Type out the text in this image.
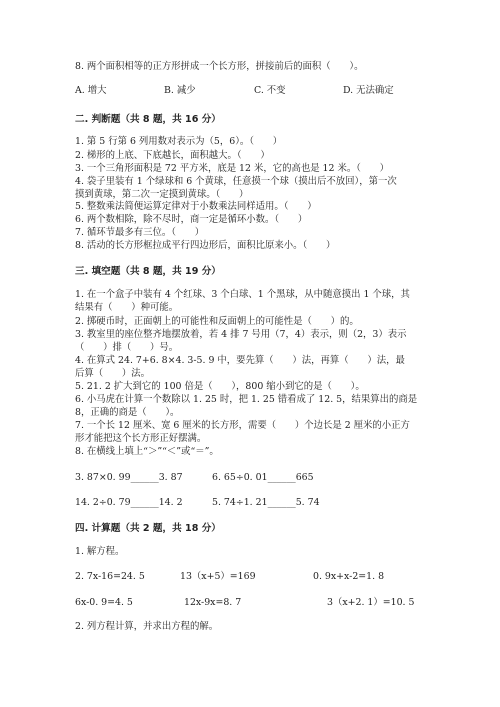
8. 两个面积相等的正方形拼成一个长方形，拼接前后的面积（　　）。
A. 增大	B. 减少	C. 不变	D. 无法确定
二. 判断题（共 8 题，共 16 分）
1. 第 5 行第 6 列用数对表示为（5，6）。（　　）
2. 梯形的上底、下底越长，面积越大。（　　）
3. 一个三角形面积是 72 平方米，底是 12 米，它的高也是 12 米。（　　）
4. 袋子里装有 1 个绿球和 6 个黄球，任意摸一个球（摸出后不放回），第一次
摸到黄球，第二次一定摸到黄球。（　　）
5. 整数乘法简便运算定律对于小数乘法同样适用。（　　）
6. 两个数相除，除不尽时，商一定是循环小数。（　　）
7. 循环节最多有三位。（　　）
8. 活动的长方形框拉成平行四边形后，面积比原来小。（　　）
三. 填空题（共 8 题，共 19 分）
1. 在一个盒子中装有 4 个红球、3 个白球、1 个黑球，从中随意摸出 1 个球，其
结果有（　　）种可能。
2. 掷硬币时，正面朝上的可能性和反面朝上的可能性是（　　）的。
3. 教室里的座位整齐地摆放着，若 4 排 7 号用（7，4）表示，则（2，3）表示
（　　）排（　　）号。
4. 在算式 24. 7+6. 8×4. 3-5. 9 中，要先算（　　）法，再算（　　）法，最
后算（　　）法。
5. 21. 2 扩大到它的 100 倍是（　　），800 缩小到它的是（　　）。
6. 小马虎在计算一个数除以 1. 25 时，把 1. 25 错看成了 12. 5，结果算出的商是
8，正确的商是（　　）。
7. 一个长 12 厘米、宽 6 厘米的长方形，需要（　　）个边长是 2 厘米的小正方
形才能把这个长方形正好摆满。
8. 在横线上填上“＞”“＜”或“＝”。
3. 87×0. 99______3. 87	6. 65÷0. 01______665
14. 2÷0. 79______14. 2	5. 74÷1. 21______5. 74
四. 计算题（共 2 题，共 18 分）
1. 解方程。
2. 7x-16=24. 5	13（x+5）=169	0. 9x+x-2=1. 8
6x-0. 9=4. 5	12x-9x=8. 7	3（x+2. 1）=10. 5
2. 列方程计算，并求出方程的解。
